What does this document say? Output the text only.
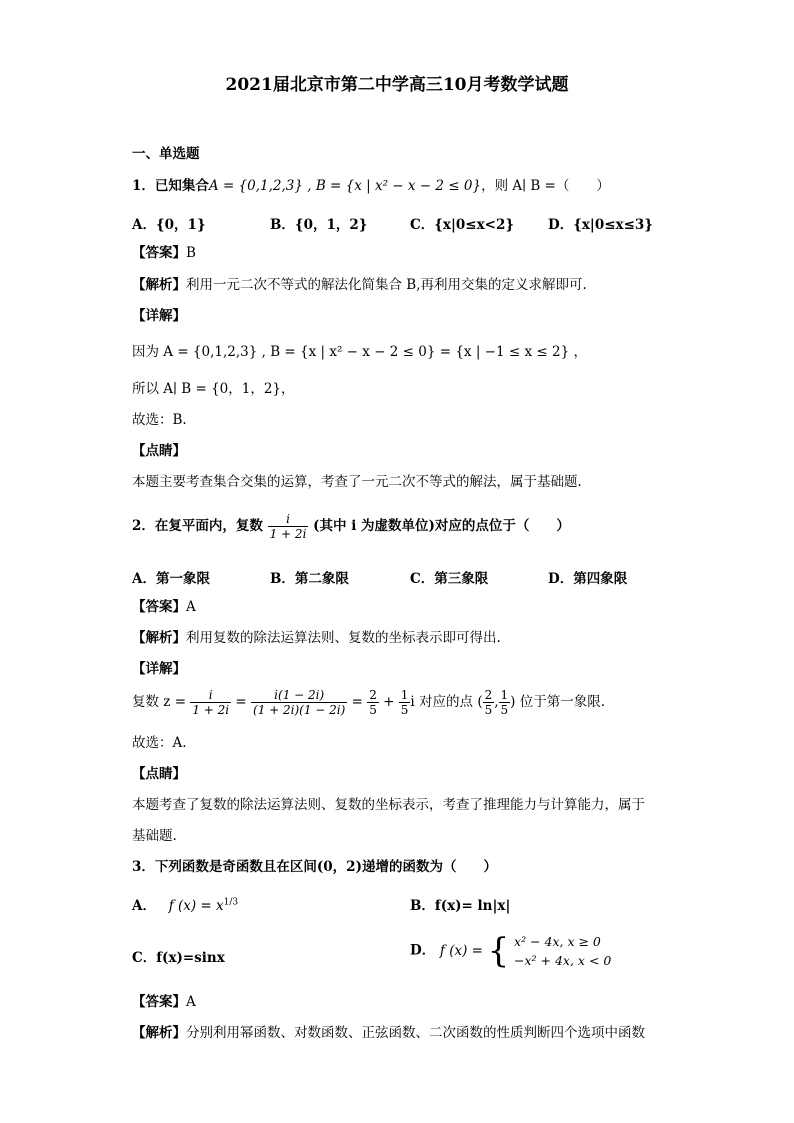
2021届北京市第二中学高三10月考数学试题
一、单选题
1．已知集合A = {0,1,2,3} , B = {x | x² − x − 2 ≤ 0}，则 A∣ B =（　　）
A．{0，1}	B．{0，1，2}	C．{x|0≤x<2}	D．{x|0≤x≤3}
【答案】B
【解析】利用一元二次不等式的解法化简集合 B,再利用交集的定义求解即可.
【详解】
因为 A = {0,1,2,3} , B = {x | x² − x − 2 ≤ 0} = {x | −1 ≤ x ≤ 2} ，
所以 A∣ B = {0，1，2}，
故选：B.
【点睛】
本题主要考查集合交集的运算，考查了一元二次不等式的解法，属于基础题.
2．在复平面内，复数 $\frac{i}{1 + 2i}$ (其中 i 为虚数单位)对应的点位于（　　）
A．第一象限	B．第二象限	C．第三象限	D．第四象限
【答案】A
【解析】利用复数的除法运算法则、复数的坐标表示即可得出.
【详解】
复数 $z = \frac{i}{1 + 2i} = \frac{i(1 - 2i)}{(1 + 2i)(1 - 2i)} = \frac{2}{5} + \frac{1}{5}$ i 对应的点 ( $\frac{2}{5}$ , $\frac{1}{5}$ ) 位于第一象限.
故选：A.
【点睛】
本题考查了复数的除法运算法则、复数的坐标表示，考查了推理能力与计算能力，属于
基础题.
3．下列函数是奇函数且在区间(0，2)递增的函数为（　　）
A． f $(x) = x^{1/3}$	B．f(x)= ln|x|
C．f(x)=sinx	D． f (x) = { x² − 4x, x ≥ 0
−x² + 4x, x < 0
【答案】A
【解析】分别利用幂函数、对数函数、正弦函数、二次函数的性质判断四个选项中函数
